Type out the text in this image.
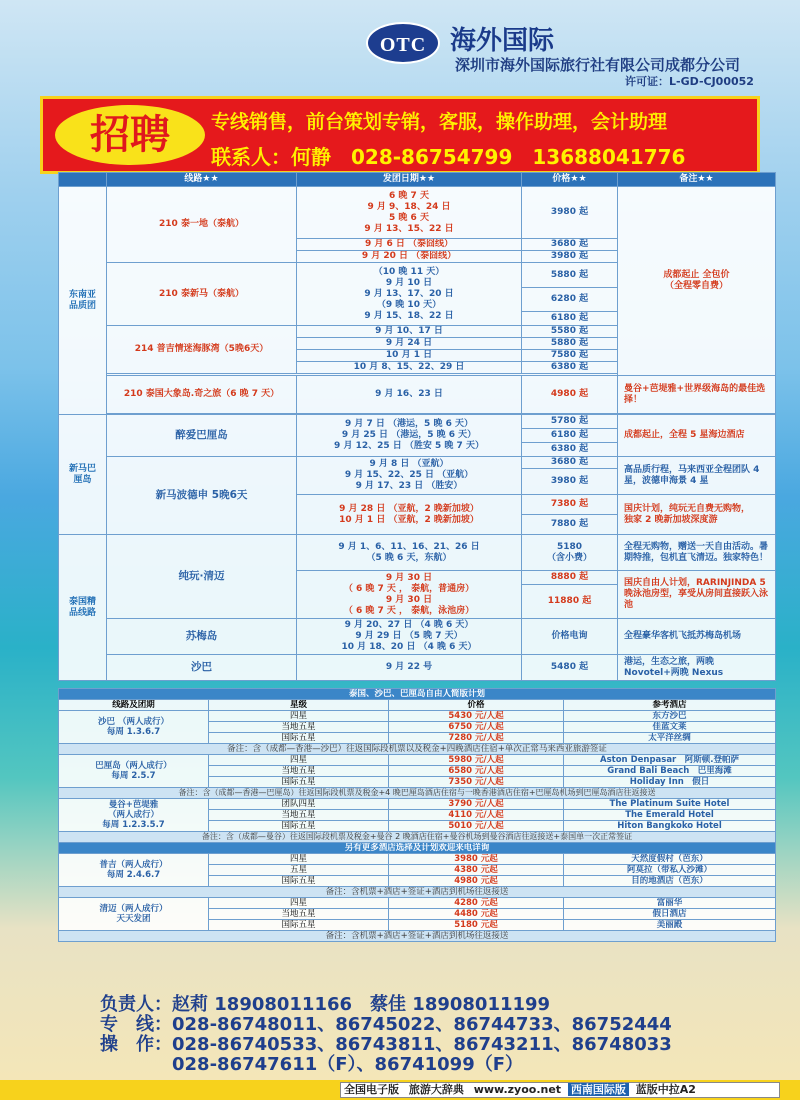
OTC 海外国际
深圳市海外国际旅行社有限公司成都分公司
许可证：L-GD-CJ00052
招聘	专线销售，前台策划专销，客服，操作助理，会计助理
联系人：何静　028-86754799　13688041776
	线路★★	发团日期★★	价格★★	备注★★
东南亚品质团	210 泰一地（泰航）	6 晚 7 天
9 月 9、18、24 日
5 晚 6 天
9 月 13、15、22 日	3980 起	成都起止 全包价
（全程零自费）
		9 月 6 日 （泰囧线）	3680 起	
		9 月 20 日 （泰囧线）	3980 起	
	210 泰新马（泰航）	（10 晚 11 天）
9 月 10 日
9 月 13、17、20 日
（9 晚 10 天）
9 月 15、18、22 日	5880 起	
			6280 起	
			6180 起	
	214 普吉情迷海豚湾（5晚6天）	9 月 10、17 日	5580 起	
		9 月 24 日	5880 起	
		10 月 1 日	7580 起	
		10 月 8、15、22、29 日	6380 起	

	210 泰国大象岛.奇之旅（6 晚 7 天）	9 月 16、23 日	4980 起	曼谷+芭堤雅+世界级海岛的最佳选择！

新马巴厘岛	醉爱巴厘岛	9 月 7 日 （港运，5 晚 6 天）
9 月 25 日 （港运，5 晚 6 天）
9 月 12、25 日 （胜安 5 晚 7 天）	5780 起	成都起止，全程 5 星海边酒店
			6180 起	
			6380 起	
	新马波德申 5晚6天	9 月 8 日 （亚航）
9 月 15、22、25 日 （亚航）
9 月 17、23 日 （胜安）	3680 起	高品质行程，马来西亚全程团队 4 星，波德申海景 4 星
			3980 起	
		9 月 28 日 （亚航，2 晚新加坡）
10 月 1 日 （亚航，2 晚新加坡）	7380 起	国庆计划，纯玩无自费无购物，
独家 2 晚新加坡深度游
			7880 起	
泰国精品线路	纯玩·清迈	9 月 1、6、11、16、21、26 日
（5 晚 6 天，东航）	5180
（含小费）	全程无购物，赠送一天自由活动。暑期特推，包机直飞清迈。独家特色！
		9 月 30 日
（ 6 晚 7 天 ， 泰航，普通房）
9 月 30 日
（ 6 晚 7 天 ， 泰航，泳池房）	8880 起	国庆自由人计划，RARINJINDA 5 晚泳池房型，享受从房间直接跃入泳池
			11880 起	
	苏梅岛	9 月 20、27 日 （4 晚 6 天）
9 月 29 日 （5 晚 7 天）
10 月 18、20 日 （4 晚 6 天）	价格电询	全程豪华客机飞抵苏梅岛机场
	沙巴	9 月 22 号	5480 起	港运，生态之旅，两晚 Novotel+两晚 Nexus
泰国、沙巴、巴厘岛自由人简版计划			
线路及团期	星级	价格	参考酒店
沙巴 （两人成行）
每周 1.3.6.7	四星	5430 元/人起	东方沙巴
	当地五星	6750 元/人起	佳蓝文莱
	国际五星	7280 元/人起	太平洋丝绸
备注：含（成都—香港—沙巴）往返国际段机票以及税金+四晚酒店住宿+单次正常马来西亚旅游签证			
巴厘岛（两人成行）
每周 2.5.7	四星	5980 元/人起	Aston Denpasar　阿斯顿.登帕萨
	当地五星	6580 元/人起	Grand Bali Beach　巴里海滩
	国际五星	7350 元/人起	Holiday Inn　假日
备注：含（成都—香港—巴厘岛）往返国际段机票及税金+4 晚巴厘岛酒店住宿与一晚香港酒店住宿+巴厘岛机场到巴厘岛酒店往返接送			
曼谷+芭堤雅
（两人成行）
每周 1.2.3.5.7	团队四星	3790 元/人起	The Platinum Suite Hotel
	当地五星	4110 元/人起	The Emerald Hotel
	国际五星	5010 元/人起	Hiton Bangkoko Hotel
备注：含（成都—曼谷）往返国际段机票及税金+曼谷 2 晚酒店住宿+曼谷机场到曼谷酒店往返接送+泰国单一次正常签证			
另有更多酒店选择及计划欢迎来电详询			
普吉（两人成行）
每周 2.4.6.7	四星	3980 元起	天然度假村（芭东）
	五星	4380 元起	阿莫拉（带私人沙滩）
	国际五星	4980 元起	目的地酒店（芭东）
备注：含机票+酒店+签证+酒店到机场往返接送			
清迈（两人成行）
天天发团	四星	4280 元起	富丽华
	当地五星	4480 元起	假日酒店
	国际五星	5180 元起	美丽殿
备注：含机票+酒店+签证+酒店到机场往返接送			
负责人：赵莉 18908011166　蔡佳 18908011199
专　线：028-86748011、86745022、86744733、86752444
操　作：028-86740533、86743811、86743211、86748033
　　　　028-86747611（F）、86741099（F）
全国电子版 旅游大辞典 www.zyoo.net 西南国际版 蓝版中拉A2
